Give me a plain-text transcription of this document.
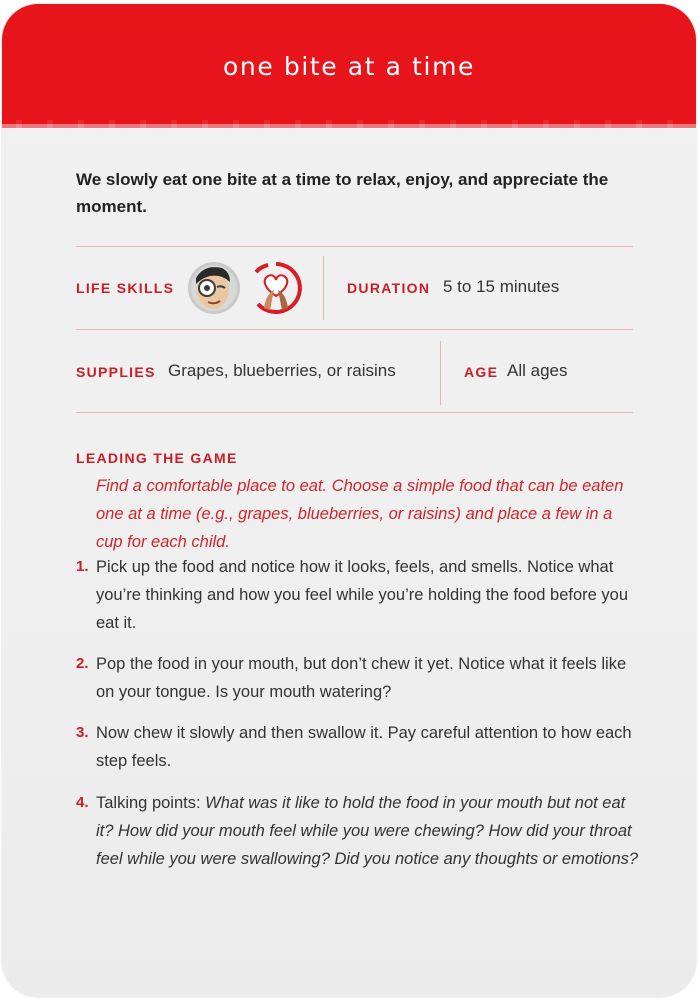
one bite at a time
We slowly eat one bite at a time to relax, enjoy, and appreciate the moment.
LIFE SKILLS	DURATION 5 to 15 minutes
SUPPLIES Grapes, blueberries, or raisins	AGE All ages
LEADING THE GAME
Find a comfortable place to eat. Choose a simple food that can be eaten one at a time (e.g., grapes, blueberries, or raisins) and place a few in a cup for each child.
1. Pick up the food and notice how it looks, feels, and smells. Notice what you’re thinking and how you feel while you’re holding the food before you eat it.
2. Pop the food in your mouth, but don’t chew it yet. Notice what it feels like on your tongue. Is your mouth watering?
3. Now chew it slowly and then swallow it. Pay careful attention to how each step feels.
4. Talking points: What was it like to hold the food in your mouth but not eat it? How did your mouth feel while you were chewing? How did your throat feel while you were swallowing? Did you notice any thoughts or emotions?
